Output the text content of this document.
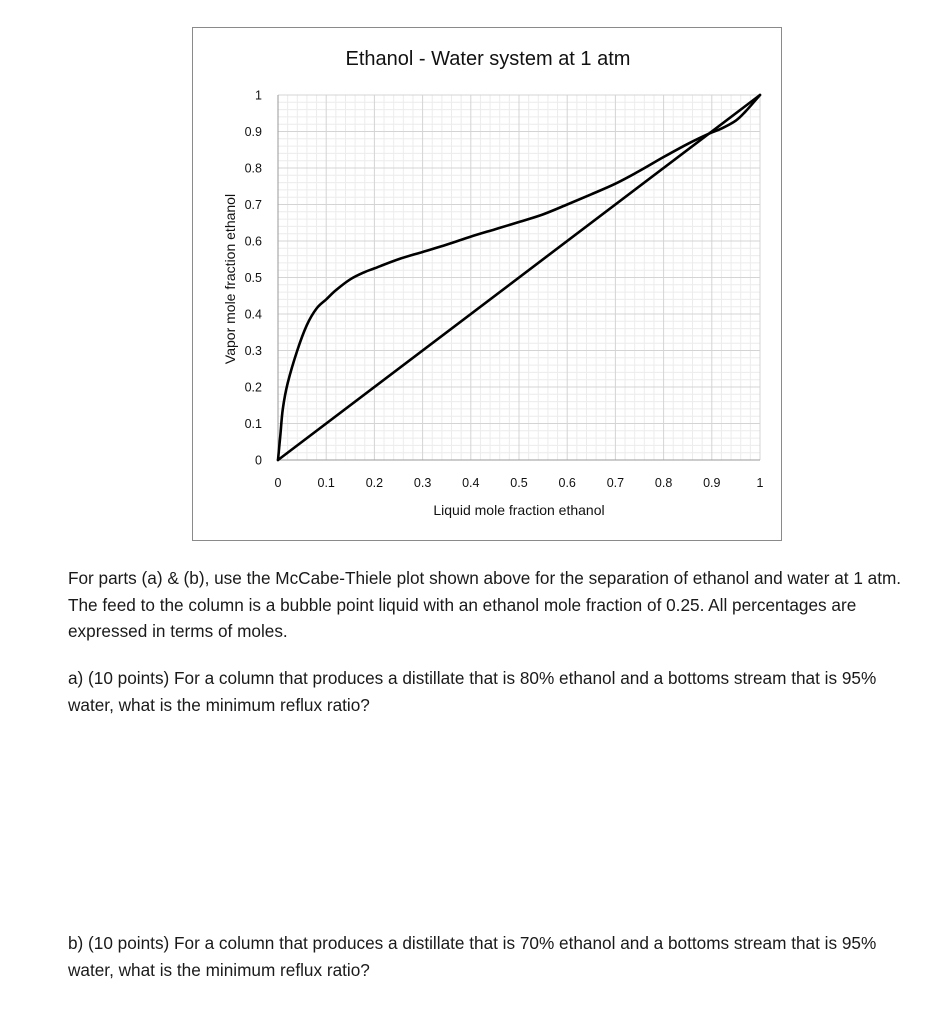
Ethanol - Water system at 1 atm
0	0.1 0.2 0.3 0.4 0.5 0.6 0.7 0.8 0.9	1
0
0.1
0.2
0.3
0.4
0.5
0.6
0.7
0.8
0.9
1
Liquid mole fraction ethanol
Vapor mole fraction ethanol

For parts (a) & (b), use the McCabe-Thiele plot shown above for the separation of ethanol and water at 1 atm. The feed to the column is a bubble point liquid with an ethanol mole fraction of 0.25. All percentages are expressed in terms of moles.

a) (10 points) For a column that produces a distillate that is 80% ethanol and a bottoms stream that is 95% water, what is the minimum reflux ratio?

b) (10 points) For a column that produces a distillate that is 70% ethanol and a bottoms stream that is 95% water, what is the minimum reflux ratio?
